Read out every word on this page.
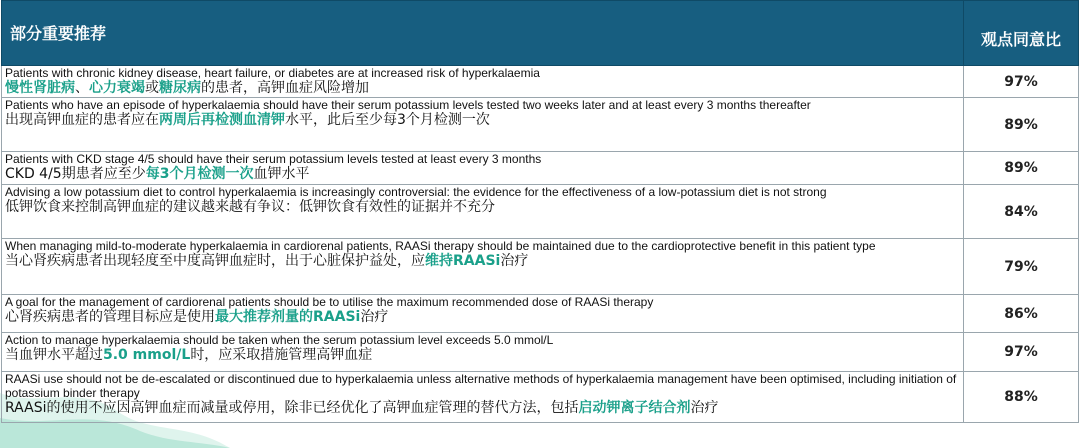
部分重要推荐	观点同意比

Patients with chronic kidney disease, heart failure, or diabetes are at increased risk of hyperkalaemia
慢性肾脏病、心力衰竭或糖尿病的患者，高钾血症风险增加	97%

Patients who have an episode of hyperkalaemia should have their serum potassium levels tested two weeks later and at least every 3 months thereafter
出现高钾血症的患者应在两周后再检测血清钾水平，此后至少每3个月检测一次	89%

Patients with CKD stage 4/5 should have their serum potassium levels tested at least every 3 months
CKD 4/5期患者应至少每3个月检测一次血钾水平	89%

Advising a low potassium diet to control hyperkalaemia is increasingly controversial: the evidence for the effectiveness of a low-potassium diet is not strong
低钾饮食来控制高钾血症的建议越来越有争议：低钾饮食有效性的证据并不充分	84%

When managing mild-to-moderate hyperkalaemia in cardiorenal patients, RAASi therapy should be maintained due to the cardioprotective benefit in this patient type
当心肾疾病患者出现轻度至中度高钾血症时，出于心脏保护益处，应维持RAASi治疗	79%

A goal for the management of cardiorenal patients should be to utilise the maximum recommended dose of RAASi therapy
心肾疾病患者的管理目标应是使用最大推荐剂量的RAASi治疗	86%

Action to manage hyperkalaemia should be taken when the serum potassium level exceeds 5.0 mmol/L
当血钾水平超过5.0 mmol/L时，应采取措施管理高钾血症	97%

RAASi use should not be de-escalated or discontinued due to hyperkalaemia unless alternative methods of hyperkalaemia management have been optimised, including initiation of potassium binder therapy
RAASi的使用不应因高钾血症而减量或停用，除非已经优化了高钾血症管理的替代方法，包括启动钾离子结合剂治疗	88%
